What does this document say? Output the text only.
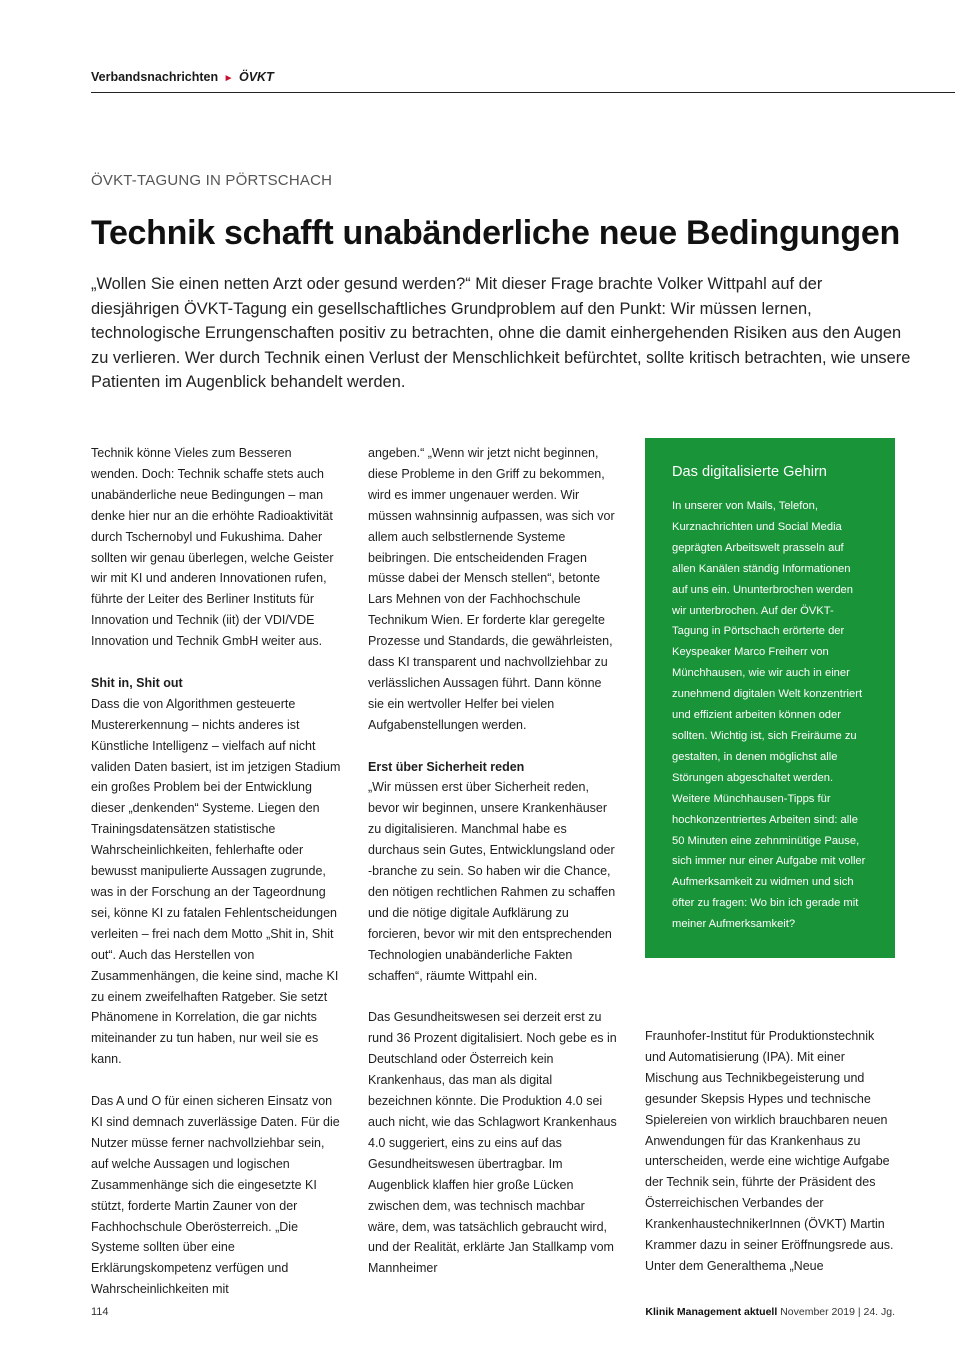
Verbandsnachrichten ► ÖVKT
ÖVKT-TAGUNG IN PÖRTSCHACH
Technik schafft unabänderliche neue Bedingungen

„Wollen Sie einen netten Arzt oder gesund werden?“ Mit dieser Frage brachte Volker Wittpahl auf der diesjährigen ÖVKT-Tagung ein gesellschaftliches Grundproblem auf den Punkt: Wir müssen lernen, technologische Errungenschaften positiv zu betrachten, ohne die damit einhergehenden Risiken aus den Augen zu verlieren. Wer durch Technik einen Verlust der Menschlichkeit befürchtet, sollte kritisch betrachten, wie unsere Patienten im Augenblick behandelt werden.

Technik könne Vieles zum Besseren wenden. Doch: Technik schaffe stets auch unabänderliche neue Bedingungen – man denke hier nur an die erhöhte Radioaktivität durch Tschernobyl und Fukushima. Daher sollten wir genau überlegen, welche Geister wir mit KI und anderen Innovationen rufen, führte der Leiter des Berliner Instituts für Innovation und Technik (iit) der VDI/VDE Innovation und Technik GmbH weiter aus.

Shit in, Shit out

Dass die von Algorithmen gesteuerte Mustererkennung – nichts anderes ist Künstliche Intelligenz – vielfach auf nicht validen Daten basiert, ist im jetzigen Stadium ein großes Problem bei der Entwicklung dieser „denkenden“ Systeme. Liegen den Trainingsdatensätzen statistische Wahrscheinlichkeiten, fehlerhafte oder bewusst manipulierte Aussagen zugrunde, was in der Forschung an der Tageordnung sei, könne KI zu fatalen Fehlentscheidungen verleiten – frei nach dem Motto „Shit in, Shit out“. Auch das Herstellen von Zusammenhängen, die keine sind, mache KI zu einem zweifelhaften Ratgeber. Sie setzt Phänomene in Korrelation, die gar nichts miteinander zu tun haben, nur weil sie es kann.

Das A und O für einen sicheren Einsatz von KI sind demnach zuverlässige Daten. Für die Nutzer müsse ferner nachvollziehbar sein, auf welche Aussagen und logischen Zusammenhänge sich die eingesetzte KI stützt, forderte Martin Zauner von der Fachhochschule Oberösterreich. „Die Systeme sollten über eine Erklärungskompetenz verfügen und Wahrscheinlichkeiten mit

angeben.“ „Wenn wir jetzt nicht beginnen, diese Probleme in den Griff zu bekommen, wird es immer ungenauer werden. Wir müssen wahnsinnig aufpassen, was sich vor allem auch selbstlernende Systeme beibringen. Die entscheidenden Fragen müsse dabei der Mensch stellen“, betonte Lars Mehnen von der Fachhochschule Technikum Wien. Er forderte klar geregelte Prozesse und Standards, die gewährleisten, dass KI transparent und nachvollziehbar zu verlässlichen Aussagen führt. Dann könne sie ein wertvoller Helfer bei vielen Aufgabenstellungen werden.

Erst über Sicherheit reden

„Wir müssen erst über Sicherheit reden, bevor wir beginnen, unsere Krankenhäuser zu digitalisieren. Manchmal habe es durchaus sein Gutes, Entwicklungsland oder -branche zu sein. So haben wir die Chance, den nötigen rechtlichen Rahmen zu schaffen und die nötige digitale Aufklärung zu forcieren, bevor wir mit den entsprechenden Technologien unabänderliche Fakten schaffen“, räumte Wittpahl ein.

Das Gesundheitswesen sei derzeit erst zu rund 36 Prozent digitalisiert. Noch gebe es in Deutschland oder Österreich kein Krankenhaus, das man als digital bezeichnen könnte. Die Produktion 4.0 sei auch nicht, wie das Schlagwort Krankenhaus 4.0 suggeriert, eins zu eins auf das Gesundheitswesen übertragbar. Im Augenblick klaffen hier große Lücken zwischen dem, was technisch machbar wäre, dem, was tatsächlich gebraucht wird, und der Realität, erklärte Jan Stallkamp vom Mannheimer

Das digitalisierte Gehirn

In unserer von Mails, Telefon, Kurznachrichten und Social Media geprägten Arbeitswelt prasseln auf allen Kanälen ständig Informationen auf uns ein. Ununterbrochen werden wir unterbrochen. Auf der ÖVKT-Tagung in Pörtschach erörterte der Keyspeaker Marco Freiherr von Münchhausen, wie wir auch in einer zunehmend digitalen Welt konzentriert und effizient arbeiten können oder sollten. Wichtig ist, sich Freiräume zu gestalten, in denen möglichst alle Störungen abgeschaltet werden. Weitere Münchhausen-Tipps für hochkonzentriertes Arbeiten sind: alle 50 Minuten eine zehnminütige Pause, sich immer nur einer Aufgabe mit voller Aufmerksamkeit zu widmen und sich öfter zu fragen: Wo bin ich gerade mit meiner Aufmerksamkeit?

Fraunhofer-Institut für Produktionstechnik und Automatisierung (IPA). Mit einer Mischung aus Technikbegeisterung und gesunder Skepsis Hypes und technische Spielereien von wirklich brauchbaren neuen Anwendungen für das Krankenhaus zu unterscheiden, werde eine wichtige Aufgabe der Technik sein, führte der Präsident des Österreichischen Verbandes der KrankenhaustechnikerInnen (ÖVKT) Martin Krammer dazu in seiner Eröffnungsrede aus. Unter dem Generalthema „Neue

114	Klinik Management aktuell November 2019 | 24. Jg.
